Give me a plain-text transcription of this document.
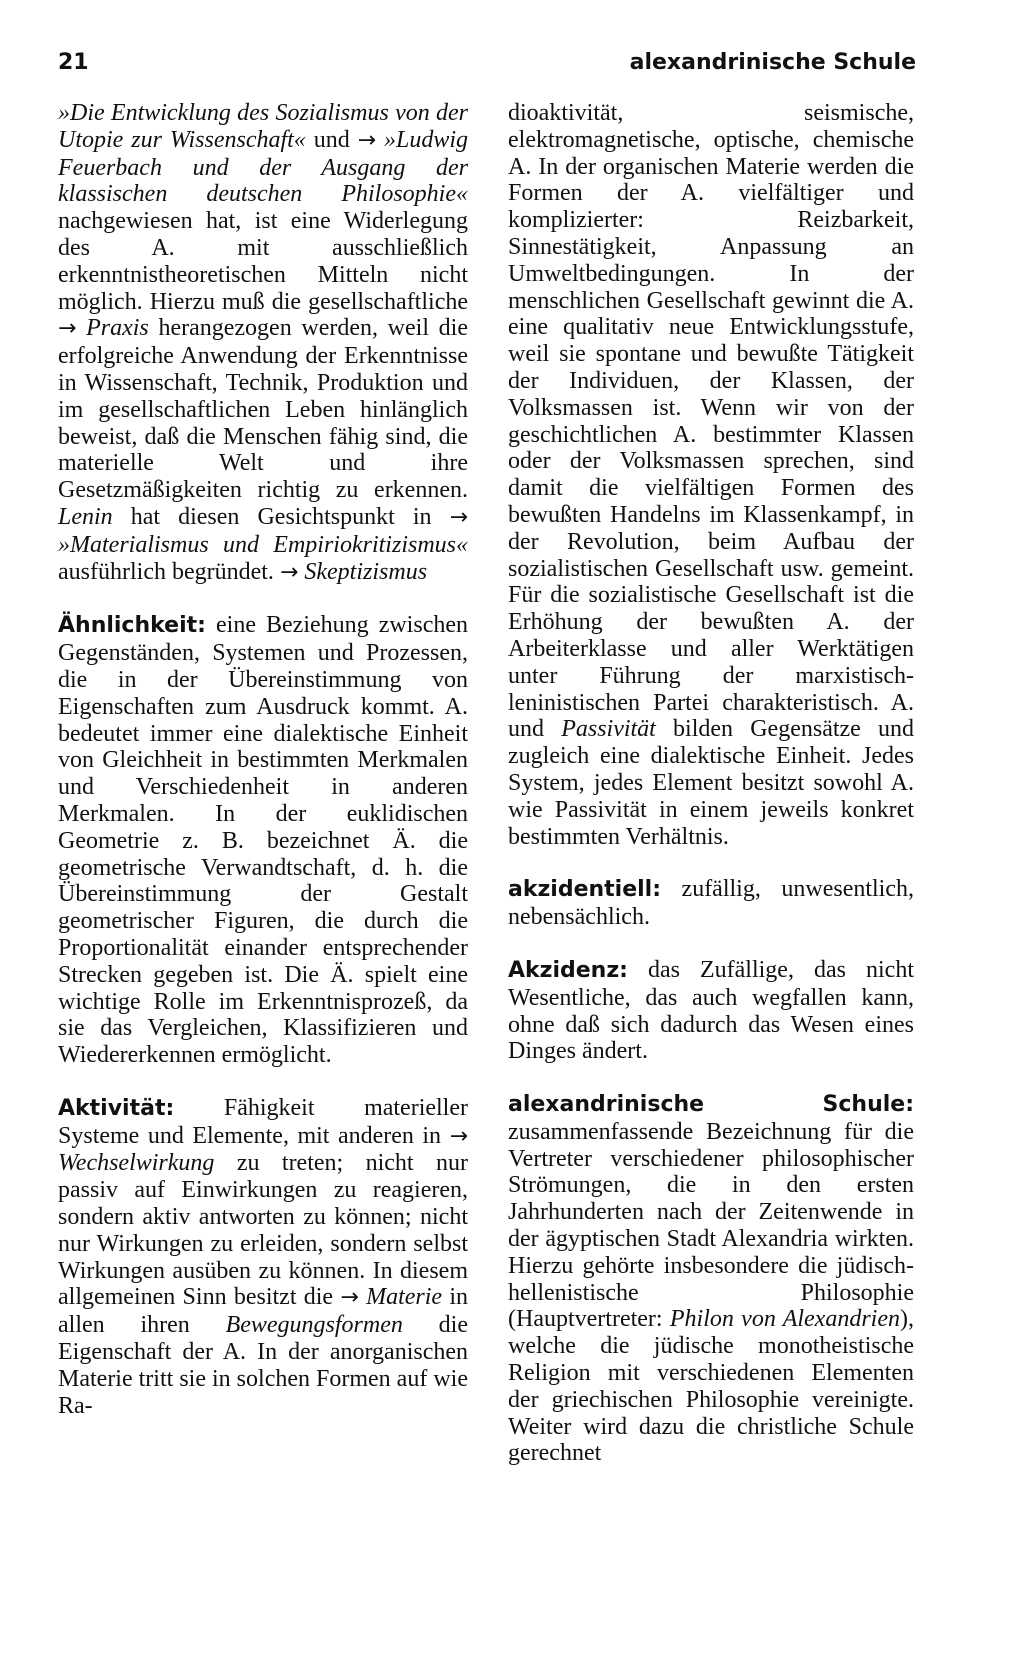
21	alexandrinische Schule

»Die Entwicklung des Sozialismus von der Utopie zur Wissenschaft« und → »Ludwig Feuerbach und der Ausgang der klassischen deutschen Philosophie« nachgewiesen hat, ist eine Widerlegung des A. mit ausschließlich erkenntnistheoretischen Mitteln nicht möglich. Hierzu muß die gesellschaftliche → Praxis herangezogen werden, weil die erfolgreiche Anwendung der Erkenntnisse in Wissenschaft, Technik, Produktion und im gesellschaftlichen Leben hinlänglich beweist, daß die Menschen fähig sind, die materielle Welt und ihre Gesetzmäßigkeiten richtig zu erkennen. Lenin hat diesen Gesichtspunkt in → »Materialismus und Empiriokritizismus« ausführlich begründet. → Skeptizismus

Ähnlichkeit: eine Beziehung zwischen Gegenständen, Systemen und Prozessen, die in der Übereinstimmung von Eigenschaften zum Ausdruck kommt. A. bedeutet immer eine dialektische Einheit von Gleichheit in bestimmten Merkmalen und Verschiedenheit in anderen Merkmalen. In der euklidischen Geometrie z. B. bezeichnet Ä. die geometrische Verwandtschaft, d. h. die Übereinstimmung der Gestalt geometrischer Figuren, die durch die Proportionalität einander entsprechender Strecken gegeben ist. Die Ä. spielt eine wichtige Rolle im Erkenntnisprozeß, da sie das Vergleichen, Klassifizieren und Wiedererkennen ermöglicht.

Aktivität: Fähigkeit materieller Systeme und Elemente, mit anderen in → Wechselwirkung zu treten; nicht nur passiv auf Einwirkungen zu reagieren, sondern aktiv antworten zu können; nicht nur Wirkungen zu erleiden, sondern selbst Wirkungen ausüben zu können. In diesem allgemeinen Sinn besitzt die → Materie in allen ihren Bewegungsformen die Eigenschaft der A. In der anorganischen Materie tritt sie in solchen Formen auf wie Ra-

dioaktivität, seismische, elektromagnetische, optische, chemische A. In der organischen Materie werden die Formen der A. vielfältiger und komplizierter: Reizbarkeit, Sinnestätigkeit, Anpassung an Umweltbedingungen. In der menschlichen Gesellschaft gewinnt die A. eine qualitativ neue Entwicklungsstufe, weil sie spontane und bewußte Tätigkeit der Individuen, der Klassen, der Volksmassen ist. Wenn wir von der geschichtlichen A. bestimmter Klassen oder der Volksmassen sprechen, sind damit die vielfältigen Formen des bewußten Handelns im Klassenkampf, in der Revolution, beim Aufbau der sozialistischen Gesellschaft usw. gemeint. Für die sozialistische Gesellschaft ist die Erhöhung der bewußten A. der Arbeiterklasse und aller Werktätigen unter Führung der marxistisch-leninistischen Partei charakteristisch. A. und Passivität bilden Gegensätze und zugleich eine dialektische Einheit. Jedes System, jedes Element besitzt sowohl A. wie Passivität in einem jeweils konkret bestimmten Verhältnis.

akzidentiell: zufällig, unwesentlich, nebensächlich.

Akzidenz: das Zufällige, das nicht Wesentliche, das auch wegfallen kann, ohne daß sich dadurch das Wesen eines Dinges ändert.

alexandrinische Schule: zusammenfassende Bezeichnung für die Vertreter verschiedener philosophischer Strömungen, die in den ersten Jahrhunderten nach der Zeitenwende in der ägyptischen Stadt Alexandria wirkten. Hierzu gehörte insbesondere die jüdisch-hellenistische Philosophie (Hauptvertreter: Philon von Alexandrien), welche die jüdische monotheistische Religion mit verschiedenen Elementen der griechischen Philosophie vereinigte. Weiter wird dazu die christliche Schule gerechnet
